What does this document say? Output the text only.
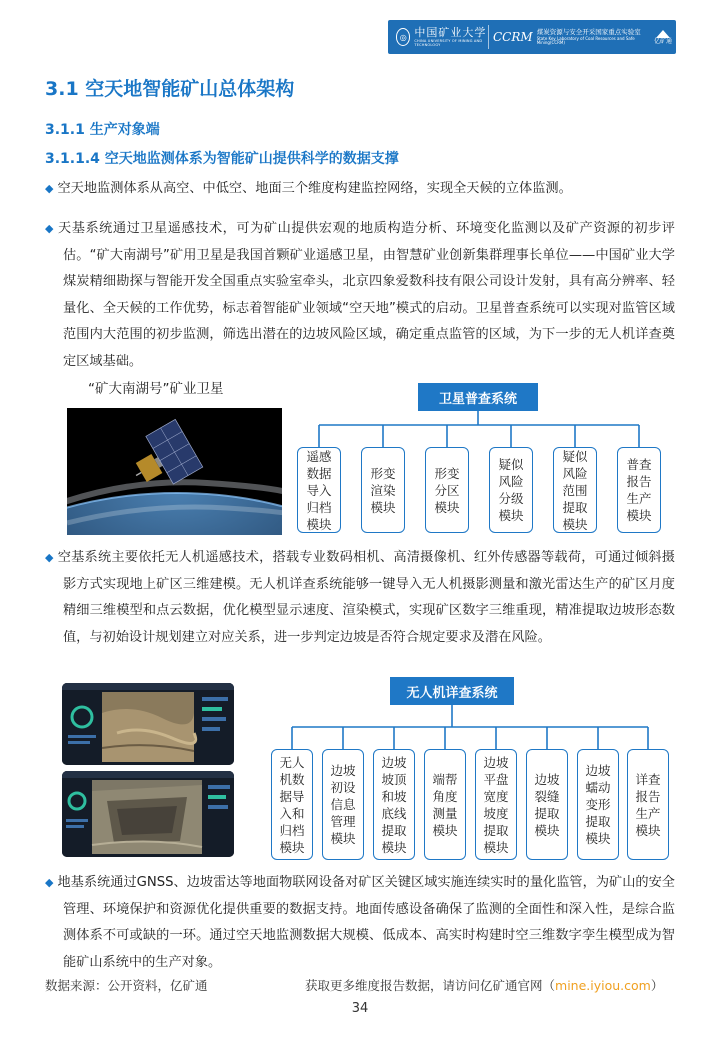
◎ 中国矿业大学
CHINA UNIVERSITY OF MINING AND TECHNOLOGY
CCRM 煤炭资源与安全开采国家重点实验室
State Key Laboratory of Coal Resources and Safe Mining(CCRM)	亿矿通
3.1 空天地智能矿山总体架构
3.1.1 生产对象端
3.1.1.4 空天地监测体系为智能矿山提供科学的数据支撑
◆ 空天地监测体系从高空、中低空、地面三个维度构建监控网络，实现全天候的立体监测。
◆ 天基系统通过卫星遥感技术，可为矿山提供宏观的地质构造分析、环境变化监测以及矿产资源的初步评估。“矿大南湖号”矿用卫星是我国首颗矿业遥感卫星，由智慧矿业创新集群理事长单位——中国矿业大学煤炭精细勘探与智能开发全国重点实验室牵头，北京四象爱数科技有限公司设计发射，具有高分辨率、轻量化、全天候的工作优势，标志着智能矿业领域“空天地”模式的启动。卫星普查系统可以实现对监管区域范围内大范围的初步监测，筛选出潜在的边坡风险区域，确定重点监管的区域，为下一步的无人机详查奠定区域基础。
“矿大南湖号”矿业卫星
卫星普查系统
遥感数据导入归档模块
形变渲染模块
形变分区模块
疑似风险分级模块
疑似风险范围提取模块
普查报告生产模块
◆ 空基系统主要依托无人机遥感技术，搭载专业数码相机、高清摄像机、红外传感器等载荷，可通过倾斜摄影方式实现地上矿区三维建模。无人机详查系统能够一键导入无人机摄影测量和激光雷达生产的矿区月度精细三维模型和点云数据，优化模型显示速度、渲染模式，实现矿区数字三维重现，精准提取边坡形态数值，与初始设计规划建立对应关系，进一步判定边坡是否符合规定要求及潜在风险。
无人机详查系统
无人机数据导入和归档模块
边坡初设信息管理模块
边坡坡顶和坡底线提取模块
端帮角度测量模块
边坡平盘宽度坡度提取模块
边坡裂缝提取模块
边坡蠕动变形提取模块
详查报告生产模块
◆ 地基系统通过GNSS、边坡雷达等地面物联网设备对矿区关键区域实施连续实时的量化监管，为矿山的安全管理、环境保护和资源优化提供重要的数据支持。地面传感设备确保了监测的全面性和深入性，是综合监测体系不可或缺的一环。通过空天地监测数据大规模、低成本、高实时构建时空三维数字孪生模型成为智能矿山系统中的生产对象。
数据来源：公开资料，亿矿通	获取更多维度报告数据，请访问亿矿通官网（mine.iyiou.com）
34
